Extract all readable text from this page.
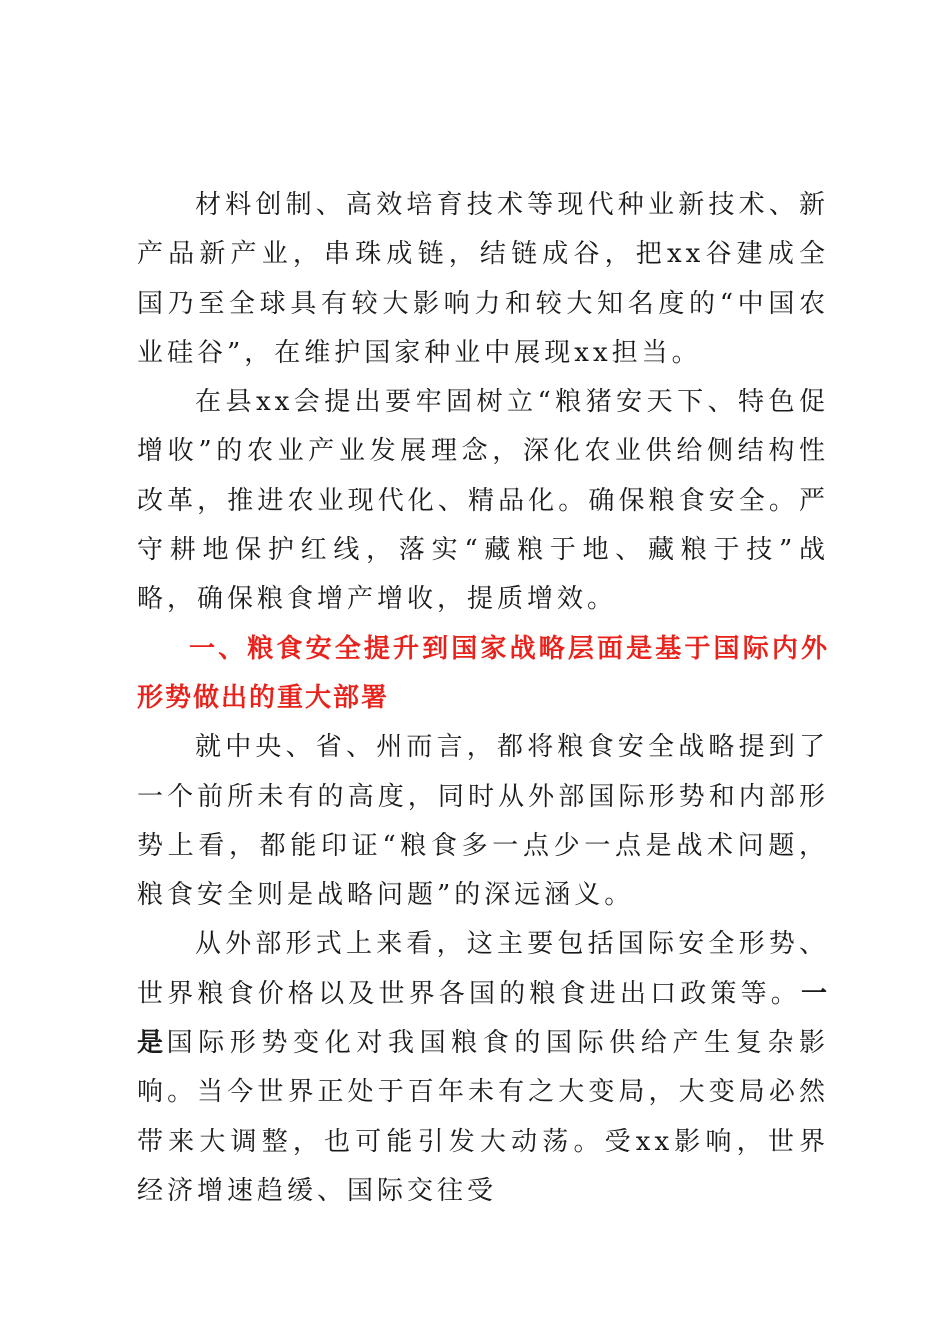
材料创制、高效培育技术等现代种业新技术、新产品新产业，串珠成链，结链成谷，把xx谷建成全国乃至全球具有较大影响力和较大知名度的“中国农业硅谷”，在维护国家种业中展现xx担当。

在县xx会提出要牢固树立“粮猪安天下、特色促增收”的农业产业发展理念，深化农业供给侧结构性改革，推进农业现代化、精品化。确保粮食安全。严守耕地保护红线，落实“藏粮于地、藏粮于技”战略，确保粮食增产增收，提质增效。

一、粮食安全提升到国家战略层面是基于国际内外形势做出的重大部署

就中央、省、州而言，都将粮食安全战略提到了一个前所未有的高度，同时从外部国际形势和内部形势上看，都能印证“粮食多一点少一点是战术问题，粮食安全则是战略问题”的深远涵义。

从外部形式上来看，这主要包括国际安全形势、世界粮食价格以及世界各国的粮食进出口政策等。一是国际形势变化对我国粮食的国际供给产生复杂影响。当今世界正处于百年未有之大变局，大变局必然带来大调整，也可能引发大动荡。受xx影响，世界经济增速趋缓、国际交往受
